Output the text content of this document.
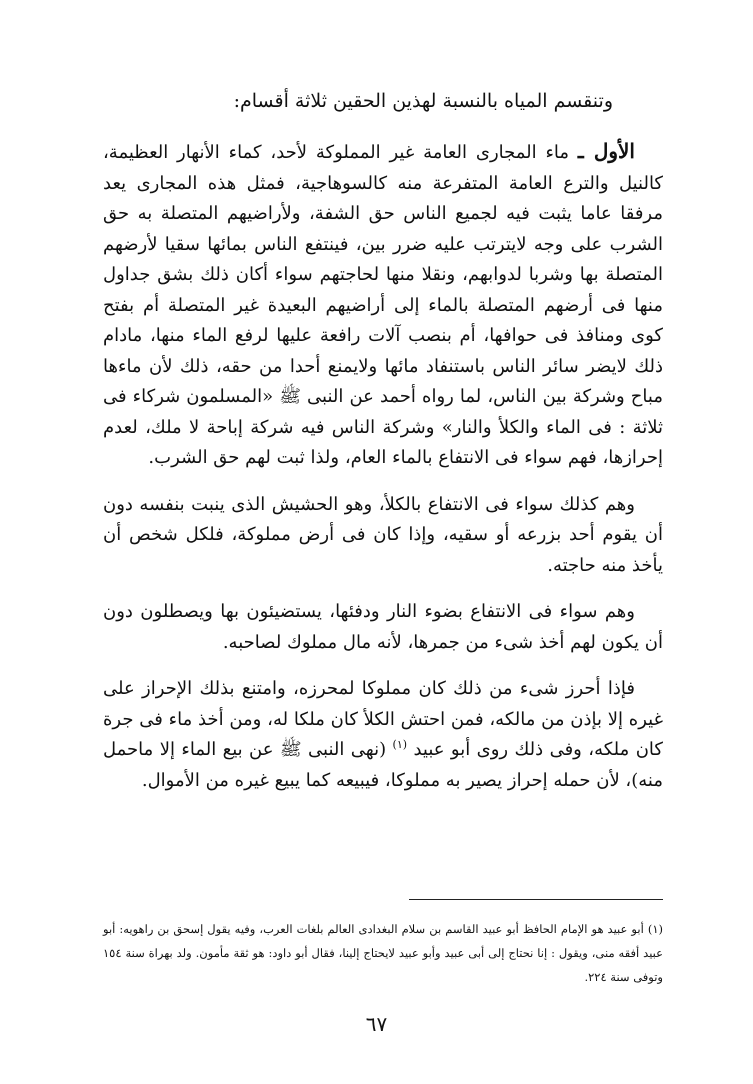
وتنقسم المياه بالنسبة لهذين الحقين ثلاثة أقسام:

الأول ـ ماء المجارى العامة غير المملوكة لأحد، كماء الأنهار العظيمة، كالنيل والترع العامة المتفرعة منه كالسوهاجية، فمثل هذه المجارى يعد مرفقا عاما يثبت فيه لجميع الناس حق الشفة، ولأراضيهم المتصلة به حق الشرب على وجه لايترتب عليه ضرر بين، فينتفع الناس بمائها سقيا لأرضهم المتصلة بها وشربا لدوابهم، ونقلا منها لحاجتهم سواء أكان ذلك بشق جداول منها فى أرضهم المتصلة بالماء إلى أراضيهم البعيدة غير المتصلة أم بفتح كوى ومنافذ فى حوافها، أم بنصب آلات رافعة عليها لرفع الماء منها، مادام ذلك لايضر سائر الناس باستنفاد مائها ولايمنع أحدا من حقه، ذلك لأن ماءها مباح وشركة بين الناس، لما رواه أحمد عن النبى ﷺ «المسلمون شركاء فى ثلاثة : فى الماء والكلأ والنار» وشركة الناس فيه شركة إباحة لا ملك، لعدم إحرازها، فهم سواء فى الانتفاع بالماء العام، ولذا ثبت لهم حق الشرب.

وهم كذلك سواء فى الانتفاع بالكلأ، وهو الحشيش الذى ينبت بنفسه دون أن يقوم أحد بزرعه أو سقيه، وإذا كان فى أرض مملوكة، فلكل شخص أن يأخذ منه حاجته.

وهم سواء فى الانتفاع بضوء النار ودفئها، يستضيئون بها ويصطلون دون أن يكون لهم أخذ شىء من جمرها، لأنه مال مملوك لصاحبه.

فإذا أحرز شىء من ذلك كان مملوكا لمحرزه، وامتنع بذلك الإحراز على غيره إلا بإذن من مالكه، فمن احتش الكلأ كان ملكا له، ومن أخذ ماء فى جرة كان ملكه، وفى ذلك روى أبو عبيد $^{(١)}$ (نهى النبى ﷺ عن بيع الماء إلا ماحمل منه)، لأن حمله إحراز يصير به مملوكا، فيبيعه كما يبيع غيره من الأموال.

(١) أبو عبيد هو الإمام الحافظ أبو عبيد القاسم بن سلام البغدادى العالم بلغات العرب، وفيه يقول إسحق بن راهويه: أبو عبيد أفقه منى، ويقول : إنا نحتاج إلى أبى عبيد وأبو عبيد لايحتاج إلينا، فقال أبو داود: هو ثقة مأمون. ولد بهراة سنة ١٥٤ وتوفى سنة ٢٢٤.

٦٧
